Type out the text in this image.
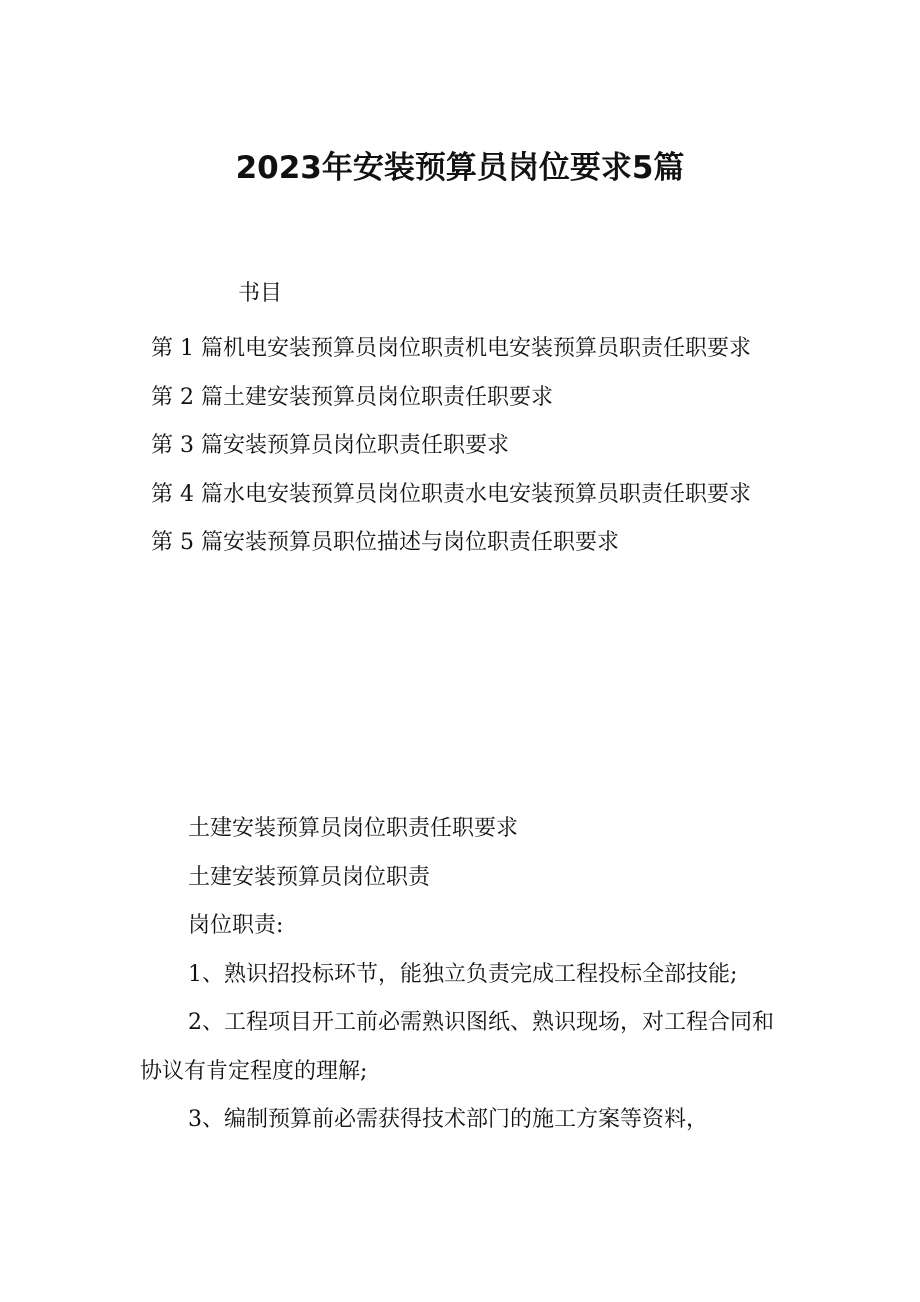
2023年安装预算员岗位要求5篇
书目

第 1 篇机电安装预算员岗位职责机电安装预算员职责任职要求

第 2 篇土建安装预算员岗位职责任职要求

第 3 篇安装预算员岗位职责任职要求

第 4 篇水电安装预算员岗位职责水电安装预算员职责任职要求

第 5 篇安装预算员职位描述与岗位职责任职要求

土建安装预算员岗位职责任职要求

土建安装预算员岗位职责

岗位职责:

1、熟识招投标环节，能独立负责完成工程投标全部技能;

2、工程项目开工前必需熟识图纸、熟识现场，对工程合同和协议有肯定程度的理解;

3、编制预算前必需获得技术部门的施工方案等资料，
